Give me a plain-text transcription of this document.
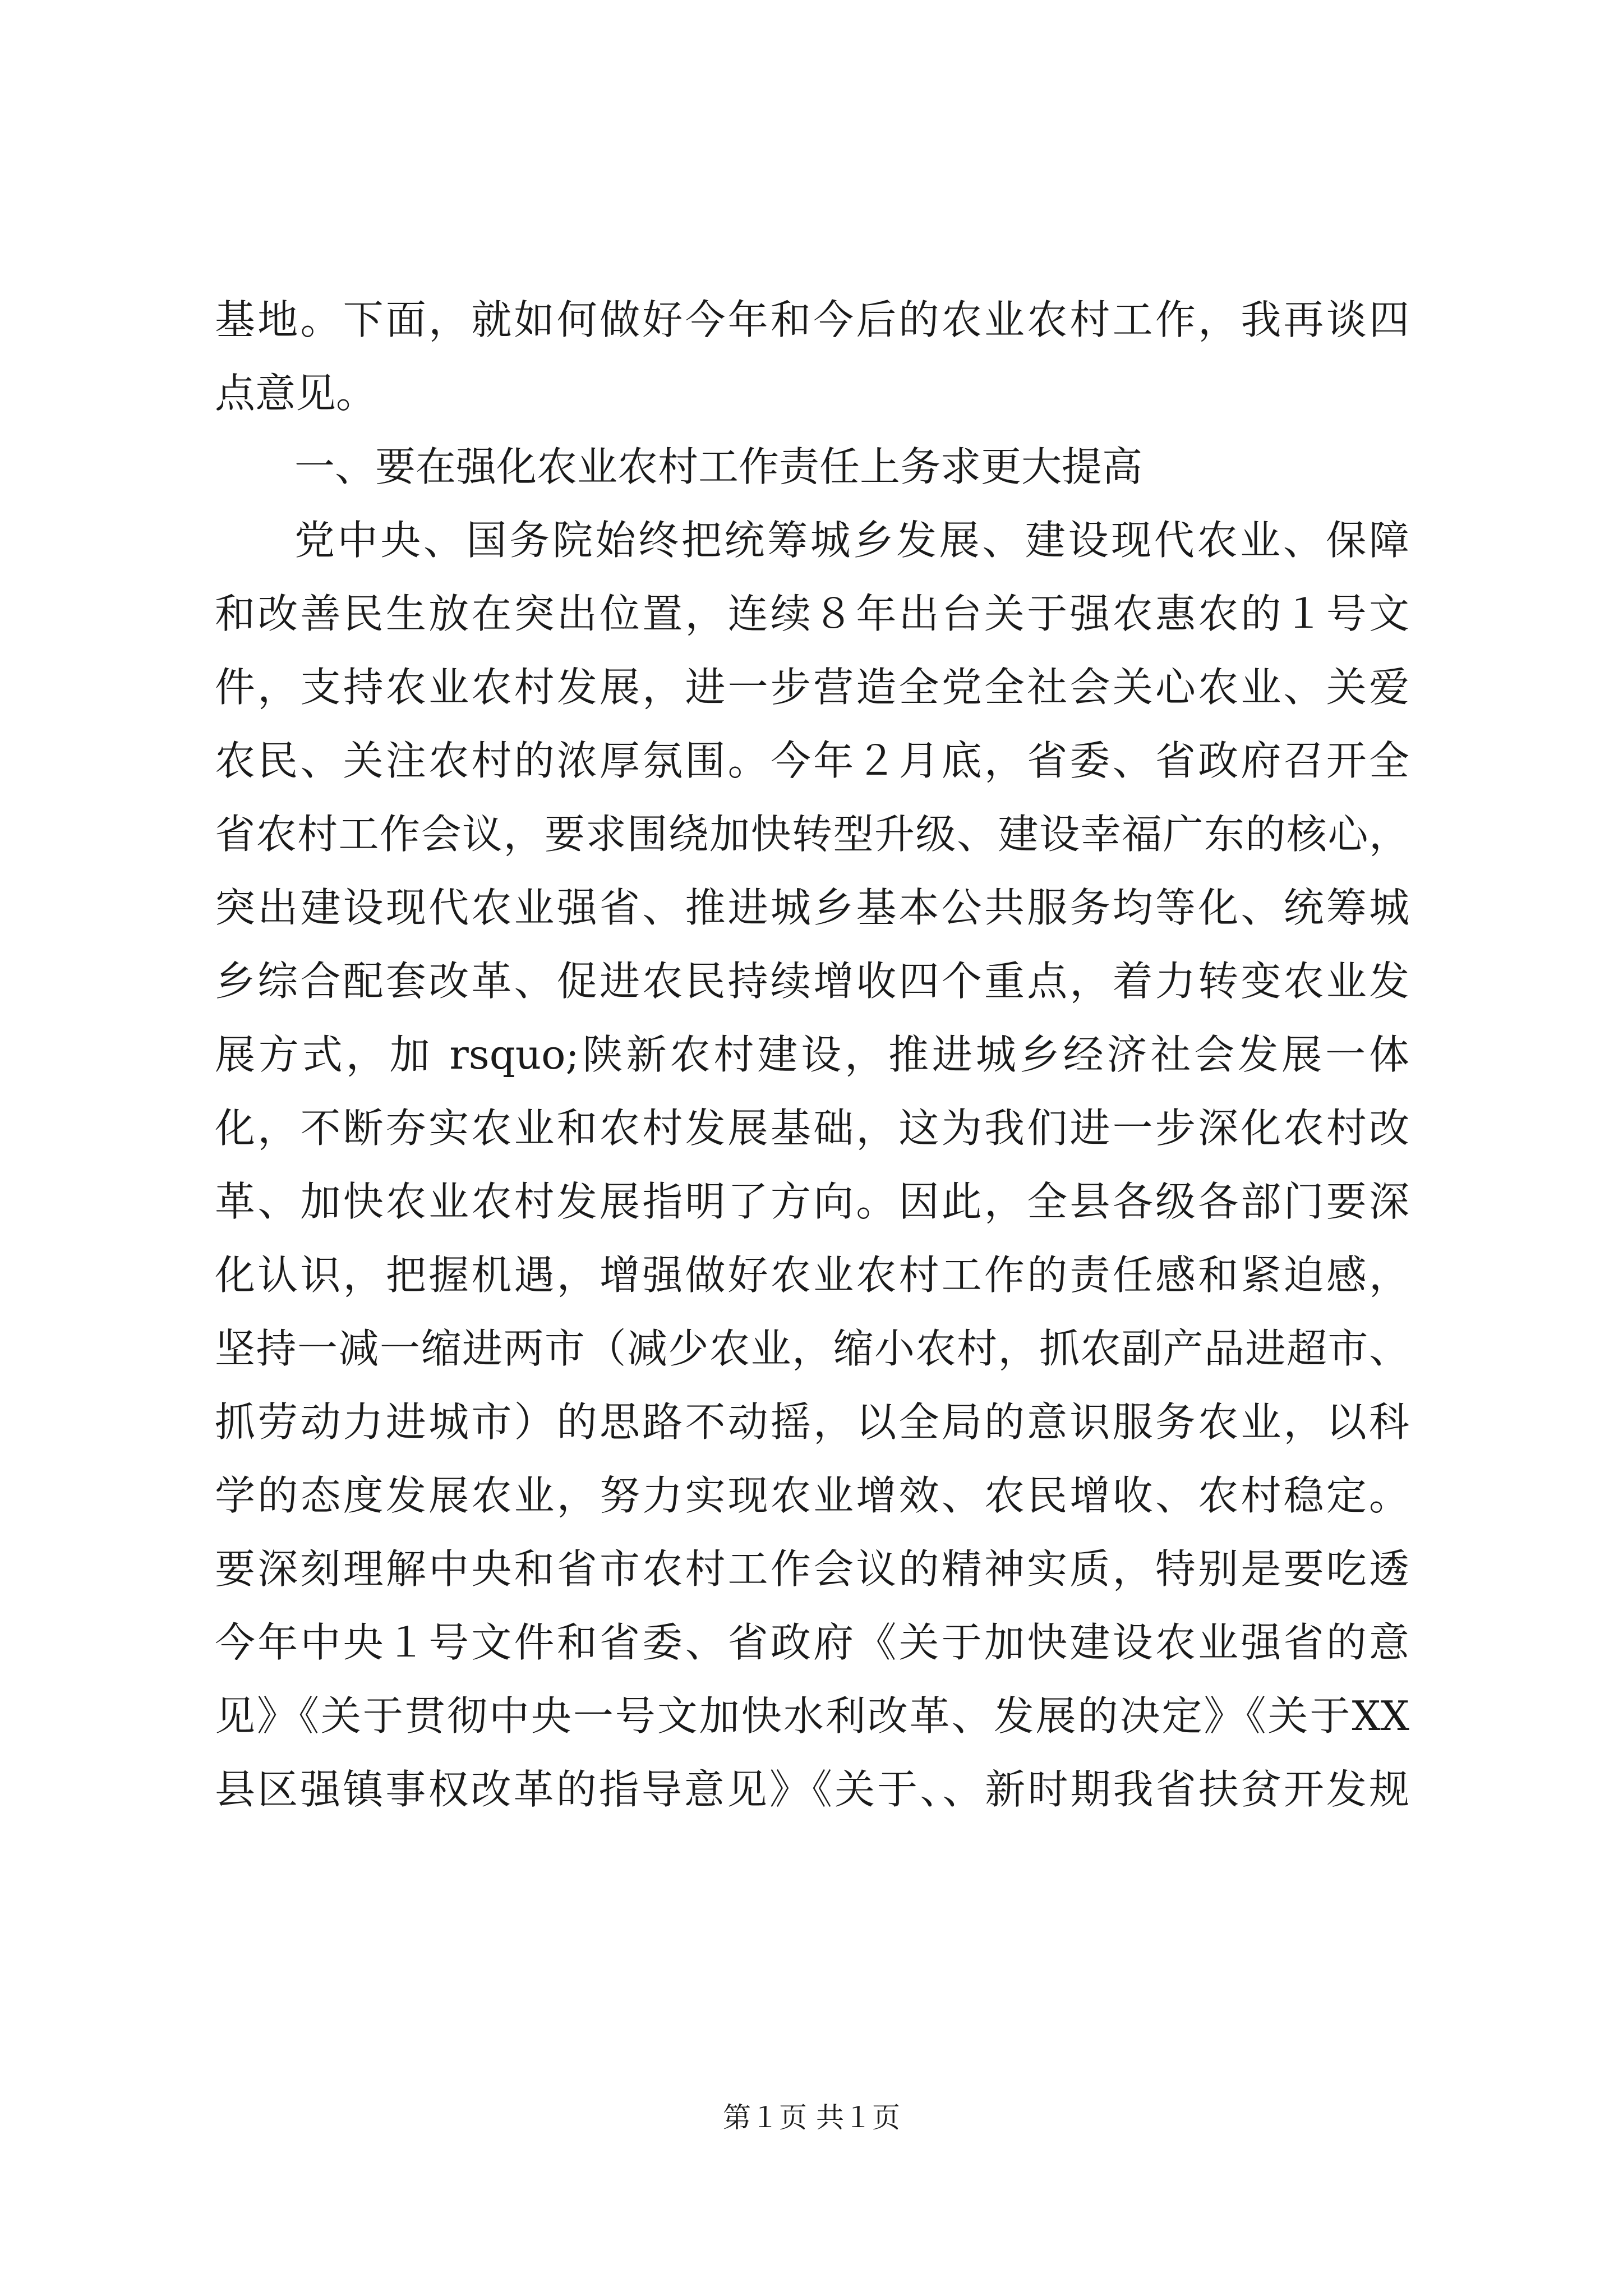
基地。下面，就如何做好今年和今后的农业农村工作，我再谈四
点意见。
一、要在强化农业农村工作责任上务求更大提高
党中央、国务院始终把统筹城乡发展、建设现代农业、保障
和改善民生放在突出位置，连续８年出台关于强农惠农的１号文
件，支持农业农村发展，进一步营造全党全社会关心农业、关爱
农民、关注农村的浓厚氛围。今年２月底，省委、省政府召开全
省农村工作会议，要求围绕加快转型升级、建设幸福广东的核心，
突出建设现代农业强省、推进城乡基本公共服务均等化、统筹城
乡综合配套改革、促进农民持续增收四个重点，着力转变农业发
展方式，加 rsquo;陕新农村建设，推进城乡经济社会发展一体
化，不断夯实农业和农村发展基础，这为我们进一步深化农村改
革、加快农业农村发展指明了方向。因此，全县各级各部门要深
化认识，把握机遇，增强做好农业农村工作的责任感和紧迫感，
坚持一减一缩进两市（减少农业，缩小农村，抓农副产品进超市、
抓劳动力进城市）的思路不动摇，以全局的意识服务农业，以科
学的态度发展农业，努力实现农业增效、农民增收、农村稳定。
要深刻理解中央和省市农村工作会议的精神实质，特别是要吃透
今年中央１号文件和省委、省政府《关于加快建设农业强省的意
见》《关于贯彻中央一号文加快水利改革、发展的决定》《关于XX
县区强镇事权改革的指导意见》《关于、、新时期我省扶贫开发规
第１页 共１页
